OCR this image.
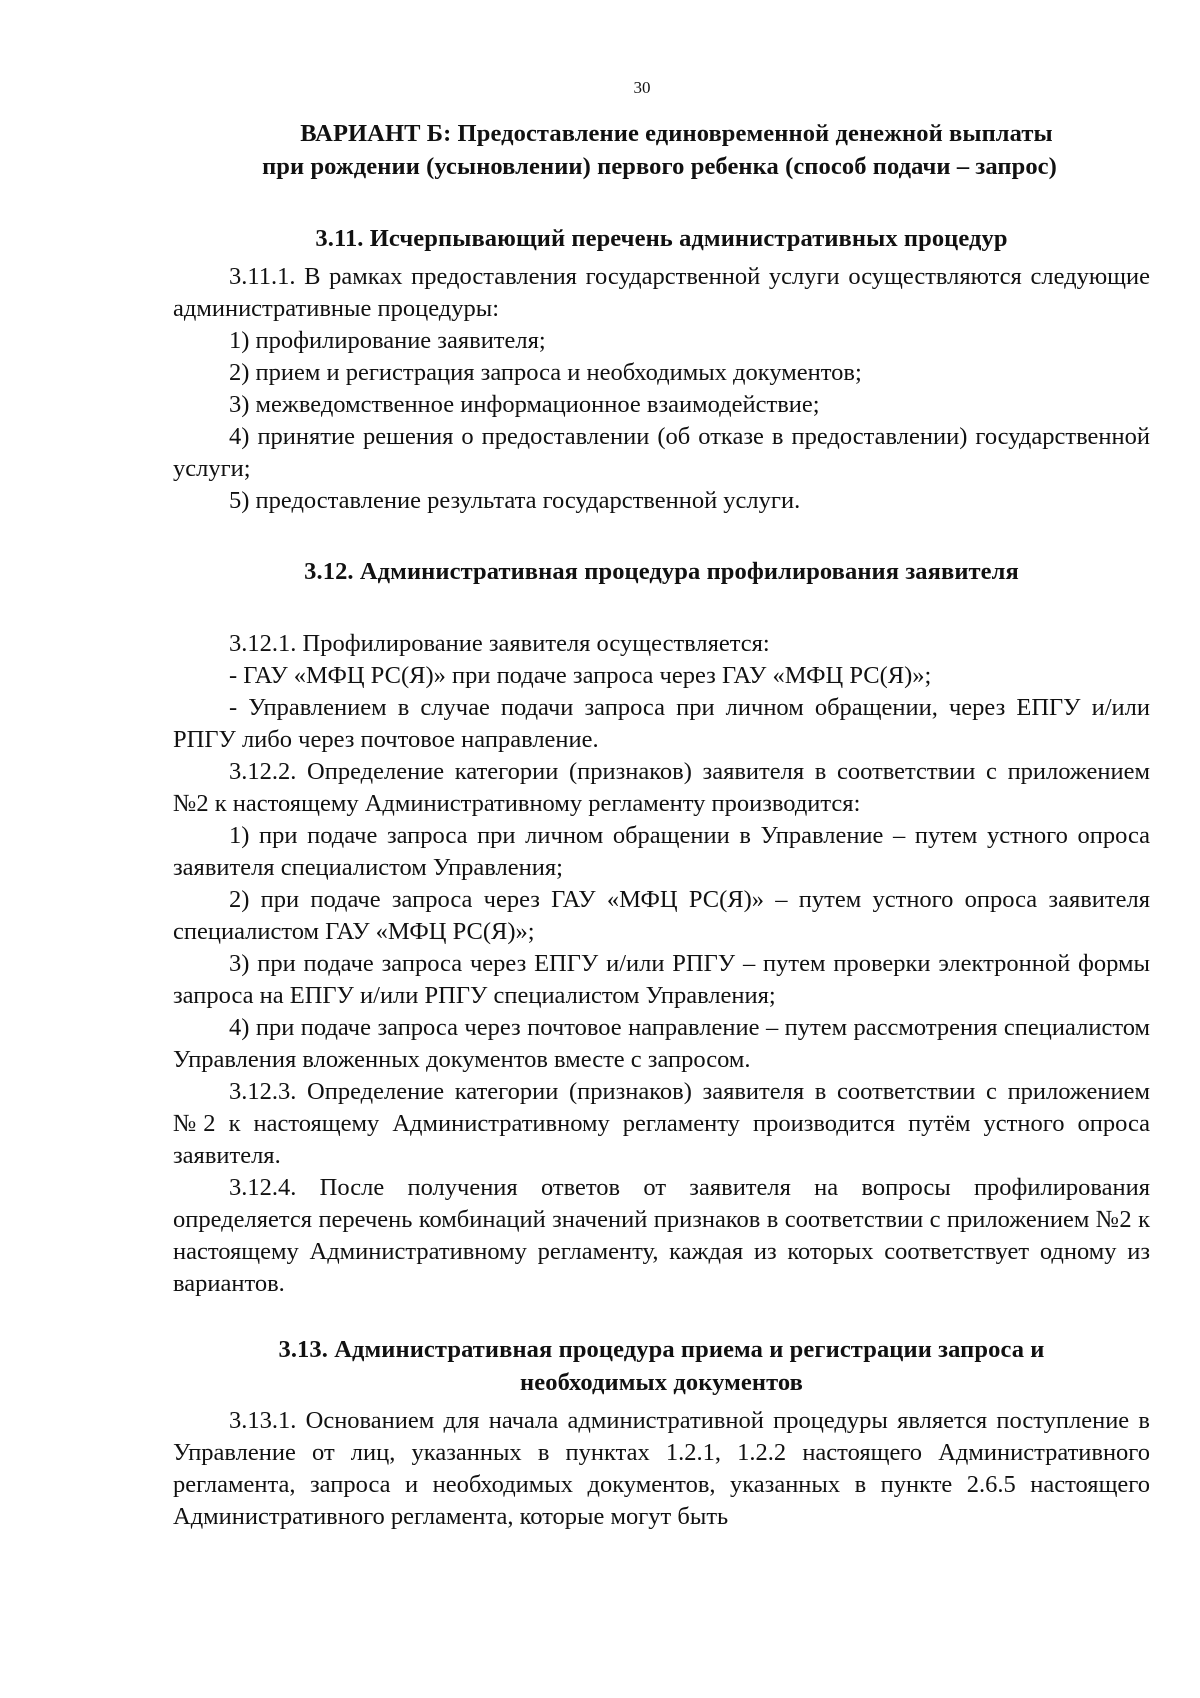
30

ВАРИАНТ Б: Предоставление единовременной денежной выплаты

при рождении (усыновлении) первого ребенка (способ подачи – запрос)

3.11. Исчерпывающий перечень административных процедур

3.11.1. В рамках предоставления государственной услуги осуществляются следующие административные процедуры:

1) профилирование заявителя;

2) прием и регистрация запроса и необходимых документов;

3) межведомственное информационное взаимодействие;

4) принятие решения о предоставлении (об отказе в предоставлении) государственной услуги;

5) предоставление результата государственной услуги.

3.12. Административная процедура профилирования заявителя

3.12.1. Профилирование заявителя осуществляется:

- ГАУ «МФЦ РС(Я)» при подаче запроса через ГАУ «МФЦ РС(Я)»;

- Управлением в случае подачи запроса при личном обращении, через ЕПГУ и/или РПГУ либо через почтовое направление.

3.12.2. Определение категории (признаков) заявителя в соответствии с приложением №2 к настоящему Административному регламенту производится:

1) при подаче запроса при личном обращении в Управление – путем устного опроса заявителя специалистом Управления;

2) при подаче запроса через ГАУ «МФЦ РС(Я)» – путем устного опроса заявителя специалистом ГАУ «МФЦ РС(Я)»;

3) при подаче запроса через ЕПГУ и/или РПГУ – путем проверки электронной формы запроса на ЕПГУ и/или РПГУ специалистом Управления;

4) при подаче запроса через почтовое направление – путем рассмотрения специалистом Управления вложенных документов вместе с запросом.

3.12.3. Определение категории (признаков) заявителя в соответствии с приложением №2 к настоящему Административному регламенту производится путём устного опроса заявителя.

3.12.4. После получения ответов от заявителя на вопросы профилирования определяется перечень комбинаций значений признаков в соответствии с приложением №2 к настоящему Административному регламенту, каждая из которых соответствует одному из вариантов.

3.13. Административная процедура приема и регистрации запроса и

необходимых документов

3.13.1. Основанием для начала административной процедуры является поступление в Управление от лиц, указанных в пунктах 1.2.1, 1.2.2 настоящего Административного регламента, запроса и необходимых документов, указанных в пункте 2.6.5 настоящего Административного регламента, которые могут быть
